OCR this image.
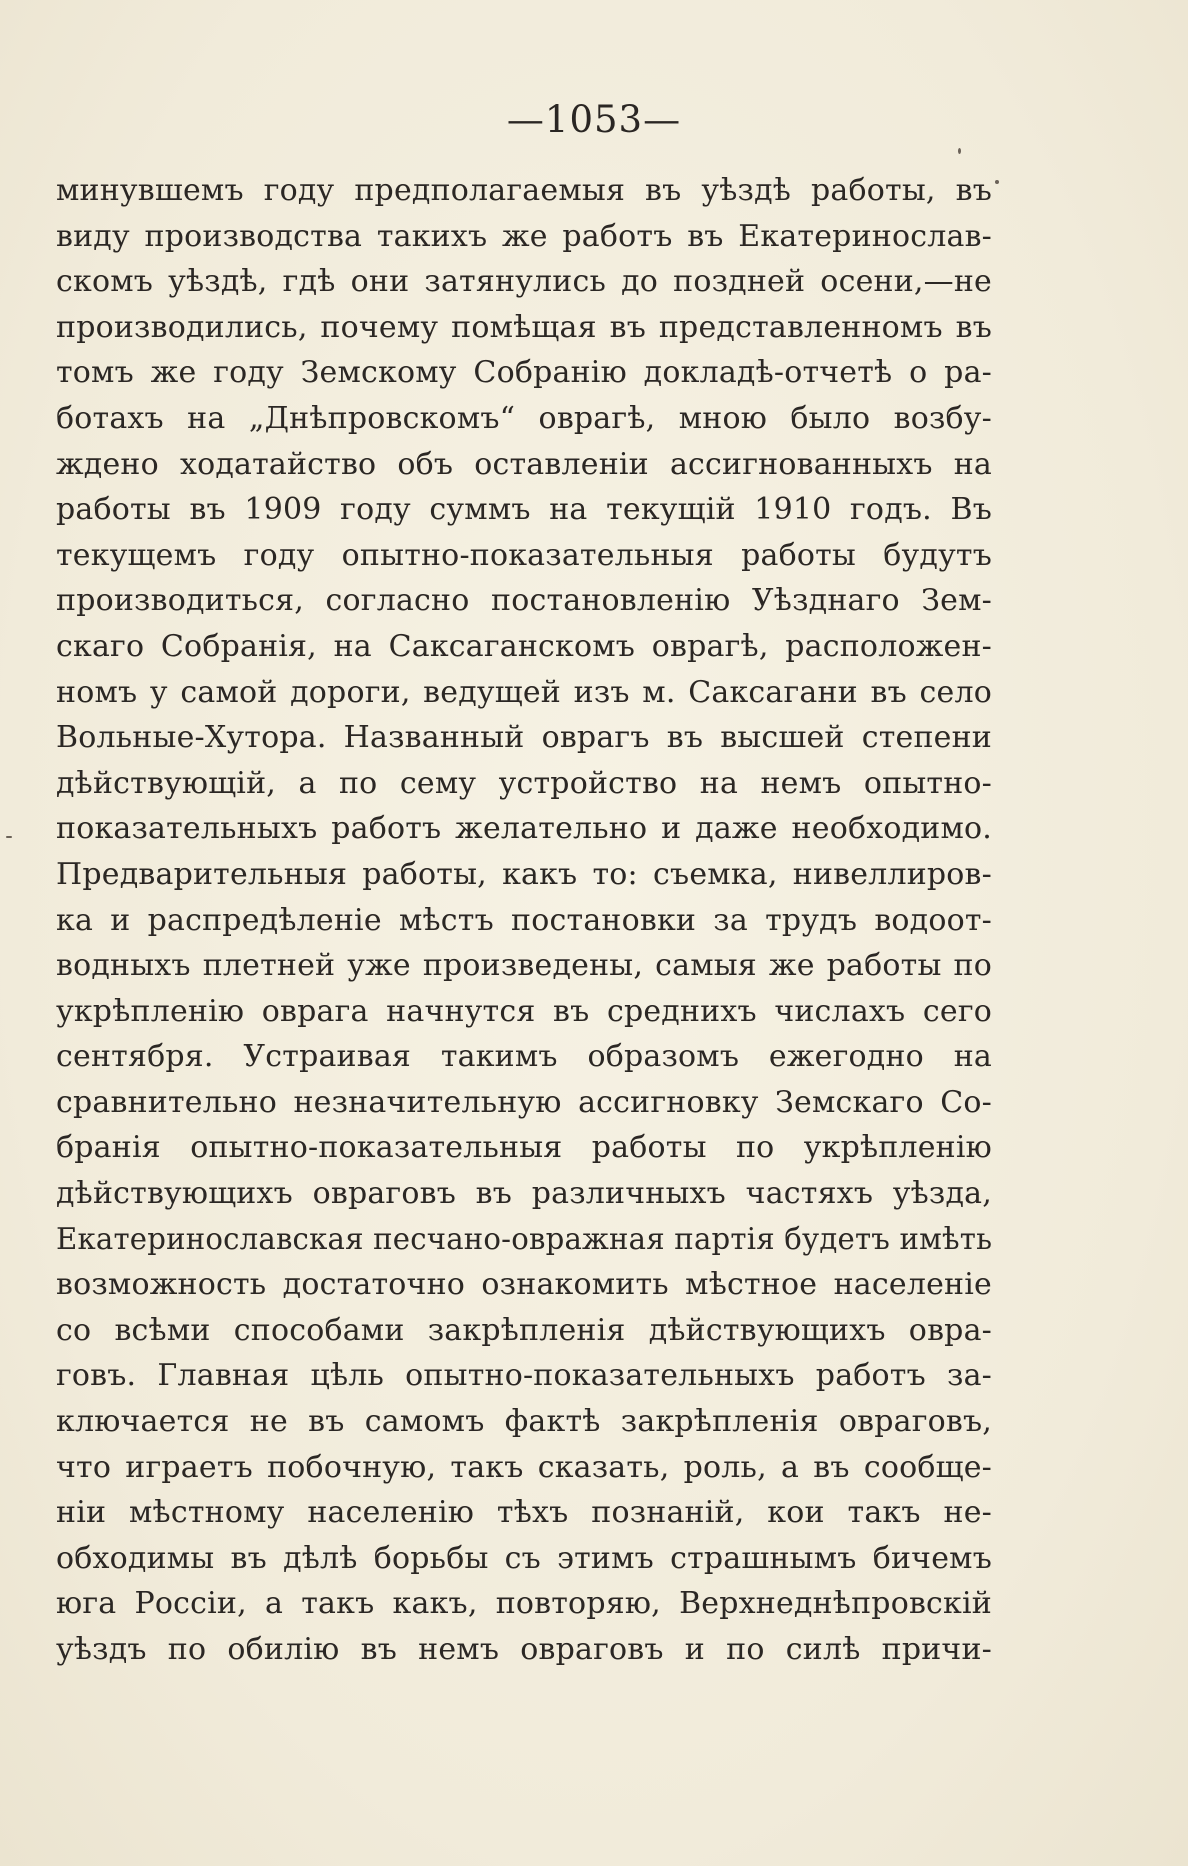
—1053—
минувшемъ году предполагаемыя въ уѣздѣ работы, въ
виду производства такихъ же работъ въ Екатеринослав-
скомъ уѣздѣ, гдѣ они затянулись до поздней осени,—не
производились, почему помѣщая въ представленномъ въ
томъ же году Земскому Собранію докладѣ-отчетѣ о ра-
ботахъ на „Днѣпровскомъ“ оврагѣ, мною было возбу-
ждено ходатайство объ оставленіи ассигнованныхъ на
работы въ 1909 году суммъ на текущій 1910 годъ. Въ
текущемъ году опытно-показательныя работы будутъ
производиться, согласно постановленію Уѣзднаго Зем-
скаго Собранія, на Саксаганскомъ оврагѣ, расположен-
номъ у самой дороги, ведущей изъ м. Саксагани въ село
Вольные-Хутора. Названный оврагъ въ высшей степени
дѣйствующій, а по сему устройство на немъ опытно-
показательныхъ работъ желательно и даже необходимо.
Предварительныя работы, какъ то: съемка, нивеллиров-
ка и распредѣленіе мѣстъ постановки за трудъ водоот-
водныхъ плетней уже произведены, самыя же работы по
укрѣпленію оврага начнутся въ среднихъ числахъ сего
сентября. Устраивая такимъ образомъ ежегодно на
сравнительно незначительную ассигновку Земскаго Со-
бранія опытно-показательныя работы по укрѣпленію
дѣйствующихъ овраговъ въ различныхъ частяхъ уѣзда,
Екатеринославская песчано-овражная партія будетъ имѣть
возможность достаточно ознакомить мѣстное населеніе
со всѣми способами закрѣпленія дѣйствующихъ овра-
говъ. Главная цѣль опытно-показательныхъ работъ за-
ключается не въ самомъ фактѣ закрѣпленія овраговъ,
что играетъ побочную, такъ сказать, роль, а въ сообще-
ніи мѣстному населенію тѣхъ познаній, кои такъ не-
обходимы въ дѣлѣ борьбы съ этимъ страшнымъ бичемъ
юга Россіи, а такъ какъ, повторяю, Верхнеднѣпровскій
уѣздъ по обилію въ немъ овраговъ и по силѣ причи-
